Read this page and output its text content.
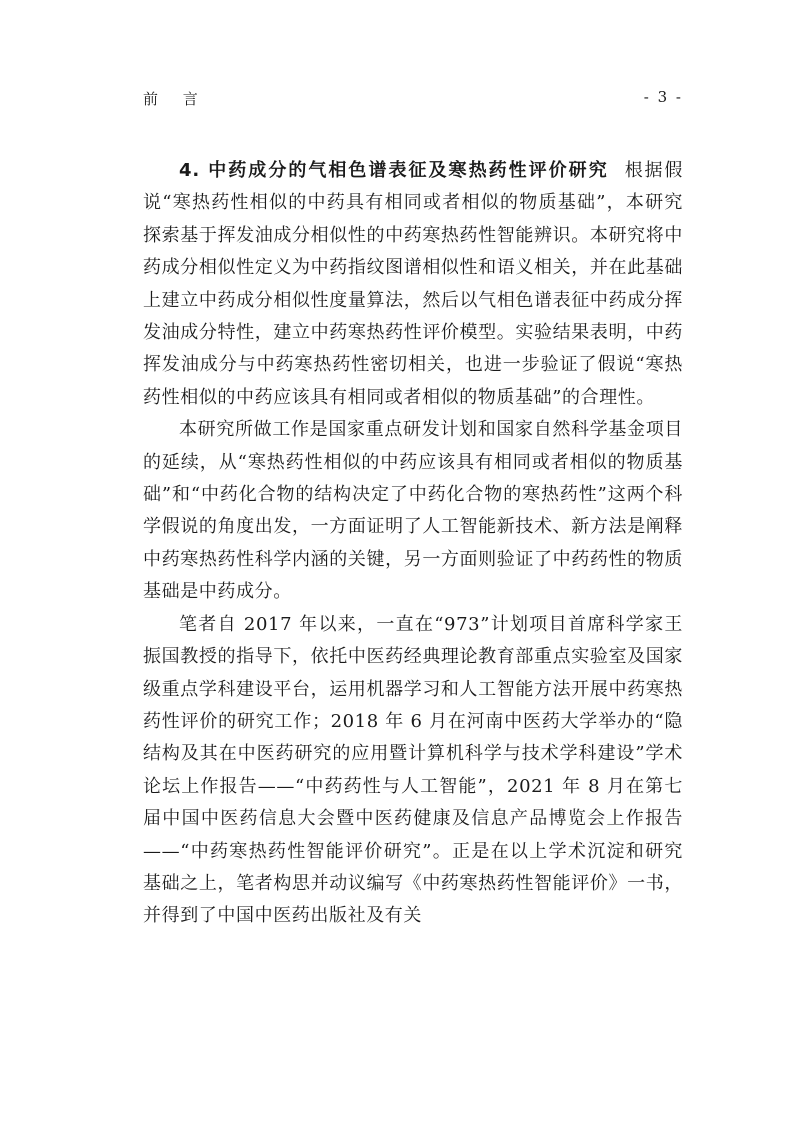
前 言	- 3 -

4. 中药成分的气相色谱表征及寒热药性评价研究 根据假说“寒热药性相似的中药具有相同或者相似的物质基础”，本研究探索基于挥发油成分相似性的中药寒热药性智能辨识。本研究将中药成分相似性定义为中药指纹图谱相似性和语义相关，并在此基础上建立中药成分相似性度量算法，然后以气相色谱表征中药成分挥发油成分特性，建立中药寒热药性评价模型。实验结果表明，中药挥发油成分与中药寒热药性密切相关，也进一步验证了假说“寒热药性相似的中药应该具有相同或者相似的物质基础”的合理性。

本研究所做工作是国家重点研发计划和国家自然科学基金项目的延续，从“寒热药性相似的中药应该具有相同或者相似的物质基础”和“中药化合物的结构决定了中药化合物的寒热药性”这两个科学假说的角度出发，一方面证明了人工智能新技术、新方法是阐释中药寒热药性科学内涵的关键，另一方面则验证了中药药性的物质基础是中药成分。

笔者自 2017 年以来，一直在“973”计划项目首席科学家王振国教授的指导下，依托中医药经典理论教育部重点实验室及国家级重点学科建设平台，运用机器学习和人工智能方法开展中药寒热药性评价的研究工作；2018 年 6 月在河南中医药大学举办的“隐结构及其在中医药研究的应用暨计算机科学与技术学科建设”学术论坛上作报告——“中药药性与人工智能”，2021 年 8 月在第七届中国中医药信息大会暨中医药健康及信息产品博览会上作报告——“中药寒热药性智能评价研究”。正是在以上学术沉淀和研究基础之上，笔者构思并动议编写《中药寒热药性智能评价》一书，并得到了中国中医药出版社及有关
